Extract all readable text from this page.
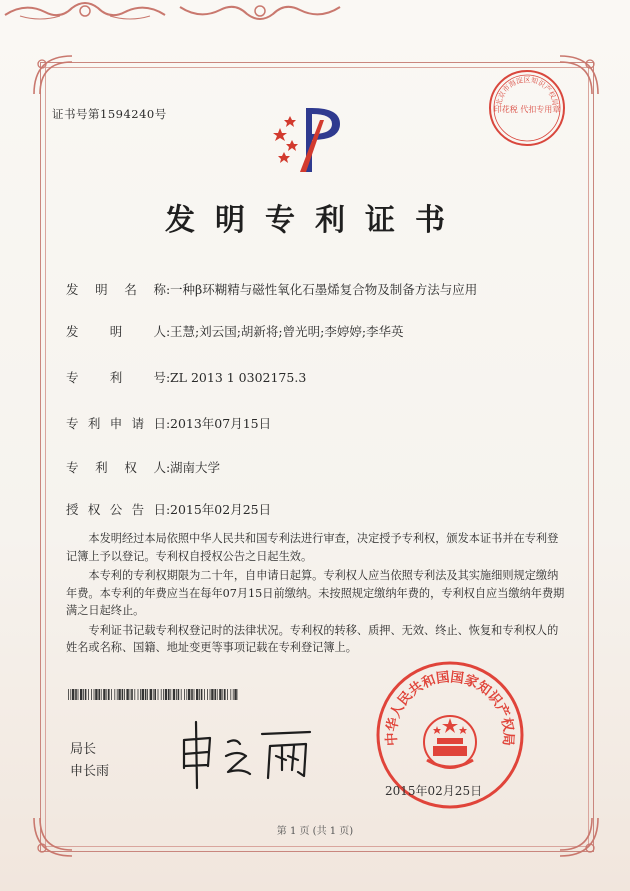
证书号第1594240号
北京市海淀区知识产权局
印花税 代扣专用章
发明专利证书
发明名称:一种β环糊精与磁性氧化石墨烯复合物及制备方法与应用
发明人:王慧;刘云国;胡新将;曾光明;李婷婷;李华英
专利号:ZL 2013 1 0302175.3
专利申请日:2013年07月15日
专利权人:湖南大学
授权公告日:2015年02月25日

本发明经过本局依照中华人民共和国专利法进行审查，决定授予专利权，颁发本证书并在专利登记簿上予以登记。专利权自授权公告之日起生效。

本专利的专利权期限为二十年，自申请日起算。专利权人应当依照专利法及其实施细则规定缴纳年费。本专利的年费应当在每年07月15日前缴纳。未按照规定缴纳年费的，专利权自应当缴纳年费期满之日起终止。

专利证书记载专利权登记时的法律状况。专利权的转移、质押、无效、终止、恢复和专利权人的姓名或名称、国籍、地址变更等事项记载在专利登记簿上。

局长
申长雨
中华人民共和国国家知识产权局
2015年02月25日
第 1 页 (共 1 页)
